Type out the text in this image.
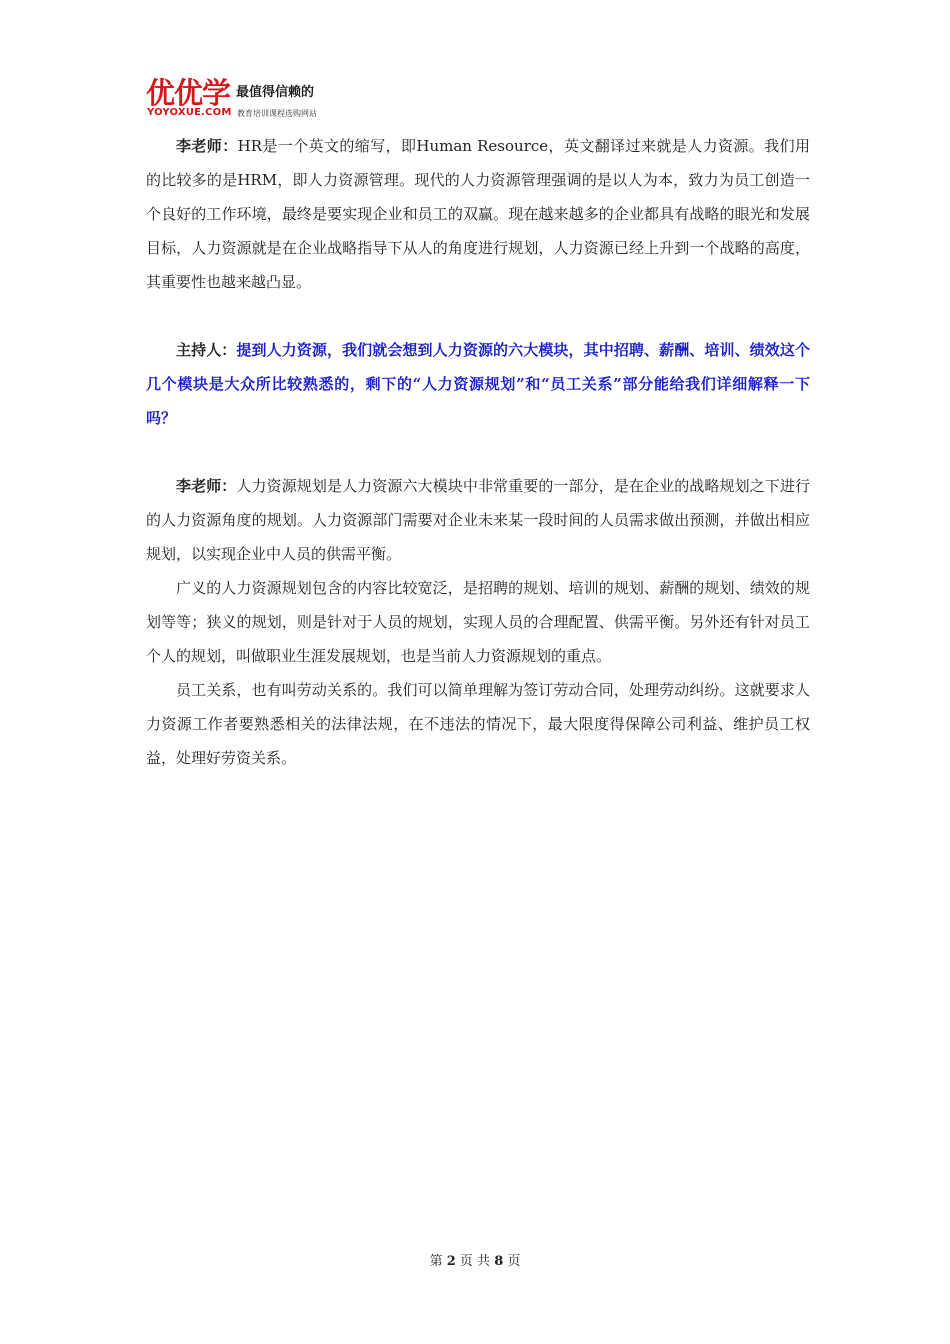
优优学 最值得信赖的
YOYOXUE.COM 教育培训课程选购网站

李老师：HR是一个英文的缩写，即Human Resource，英文翻译过来就是人力资源。我们用的比较多的是HRM，即人力资源管理。现代的人力资源管理强调的是以人为本，致力为员工创造一个良好的工作环境，最终是要实现企业和员工的双赢。现在越来越多的企业都具有战略的眼光和发展目标，人力资源就是在企业战略指导下从人的角度进行规划，人力资源已经上升到一个战略的高度，其重要性也越来越凸显。

主持人：提到人力资源，我们就会想到人力资源的六大模块，其中招聘、薪酬、培训、绩效这个几个模块是大众所比较熟悉的，剩下的“人力资源规划”和“员工关系”部分能给我们详细解释一下吗？

李老师：人力资源规划是人力资源六大模块中非常重要的一部分，是在企业的战略规划之下进行的人力资源角度的规划。人力资源部门需要对企业未来某一段时间的人员需求做出预测，并做出相应规划，以实现企业中人员的供需平衡。

广义的人力资源规划包含的内容比较宽泛，是招聘的规划、培训的规划、薪酬的规划、绩效的规划等等；狭义的规划，则是针对于人员的规划，实现人员的合理配置、供需平衡。另外还有针对员工个人的规划，叫做职业生涯发展规划，也是当前人力资源规划的重点。

员工关系，也有叫劳动关系的。我们可以简单理解为签订劳动合同，处理劳动纠纷。这就要求人力资源工作者要熟悉相关的法律法规，在不违法的情况下，最大限度得保障公司利益、维护员工权益，处理好劳资关系。

第 2 页 共 8 页
